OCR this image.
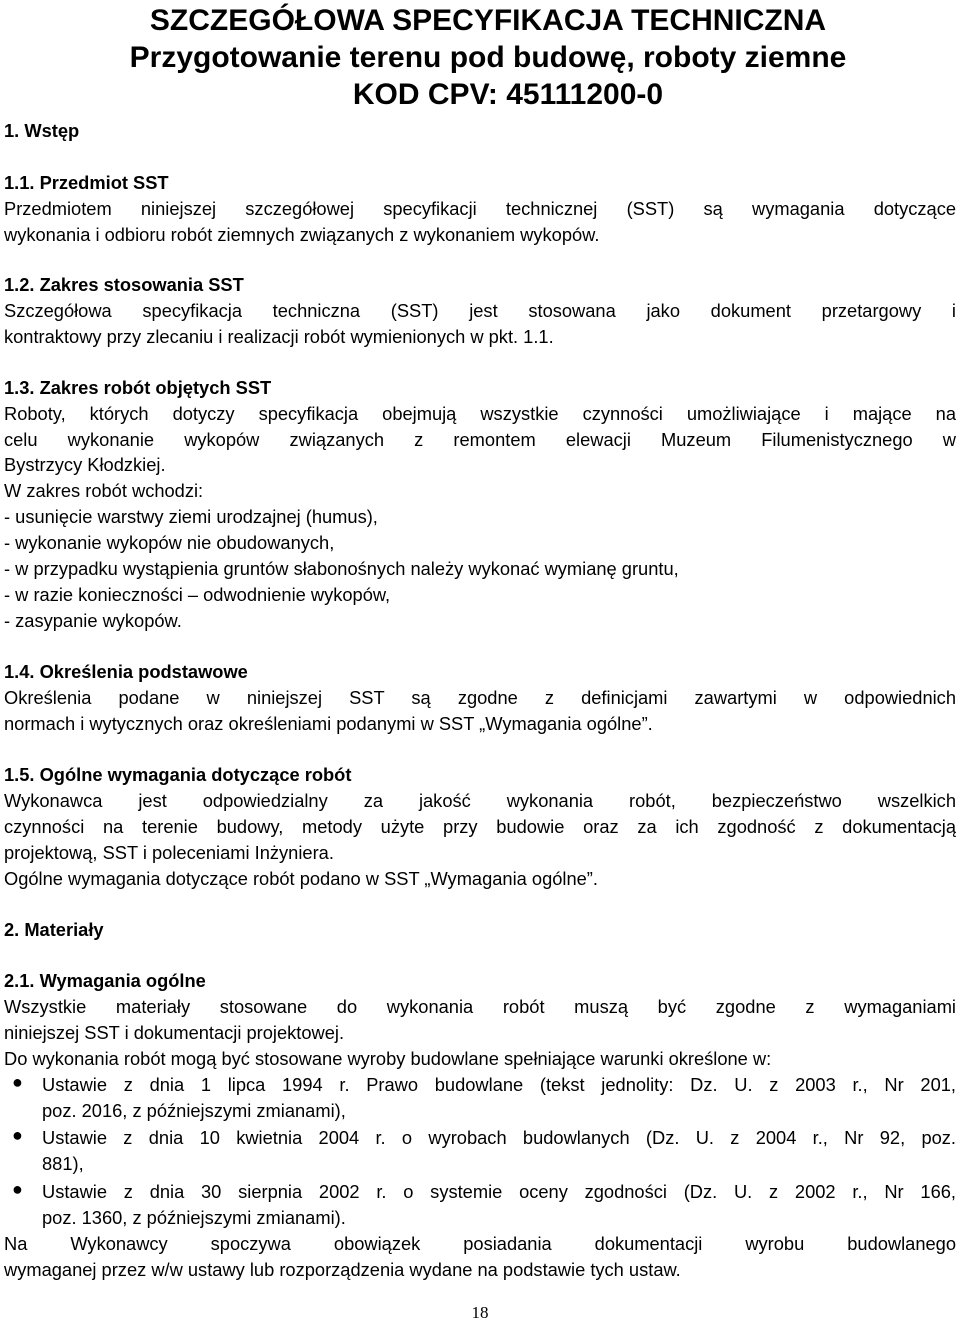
SZCZEGÓŁOWA SPECYFIKACJA TECHNICZNA
Przygotowanie terenu pod budowę, roboty ziemne
KOD CPV: 45111200-0
1. Wstęp
1.1. Przedmiot SST
Przedmiotem niniejszej szczegółowej specyfikacji technicznej (SST) są wymagania dotyczące
wykonania i odbioru robót ziemnych związanych z wykonaniem wykopów.
1.2. Zakres stosowania SST
Szczegółowa specyfikacja techniczna (SST) jest stosowana jako dokument przetargowy i
kontraktowy przy zlecaniu i realizacji robót wymienionych w pkt. 1.1.
1.3. Zakres robót objętych SST
Roboty, których dotyczy specyfikacja obejmują wszystkie czynności umożliwiające i mające na
celu wykonanie wykopów związanych z remontem elewacji Muzeum Filumenistycznego w
Bystrzycy Kłodzkiej.
W zakres robót wchodzi:
- usunięcie warstwy ziemi urodzajnej (humus),
- wykonanie wykopów nie obudowanych,
- w przypadku wystąpienia gruntów słabonośnych należy wykonać wymianę gruntu,
- w razie konieczności – odwodnienie wykopów,
- zasypanie wykopów.
1.4. Określenia podstawowe
Określenia podane w niniejszej SST są zgodne z definicjami zawartymi w odpowiednich
normach i wytycznych oraz określeniami podanymi w SST „Wymagania ogólne”.
1.5. Ogólne wymagania dotyczące robót
Wykonawca jest odpowiedzialny za jakość wykonania robót, bezpieczeństwo wszelkich
czynności na terenie budowy, metody użyte przy budowie oraz za ich zgodność z dokumentacją
projektową, SST i poleceniami Inżyniera.
Ogólne wymagania dotyczące robót podano w SST „Wymagania ogólne”.
2. Materiały
2.1. Wymagania ogólne
Wszystkie materiały stosowane do wykonania robót muszą być zgodne z wymaganiami
niniejszej SST i dokumentacji projektowej.
Do wykonania robót mogą być stosowane wyroby budowlane spełniające warunki określone w:
● Ustawie z dnia 1 lipca 1994 r. Prawo budowlane (tekst jednolity: Dz. U. z 2003 r., Nr 201,
poz. 2016, z późniejszymi zmianami),
● Ustawie z dnia 10 kwietnia 2004 r. o wyrobach budowlanych (Dz. U. z 2004 r., Nr 92, poz.
881),
● Ustawie z dnia 30 sierpnia 2002 r. o systemie oceny zgodności (Dz. U. z 2002 r., Nr 166,
poz. 1360, z późniejszymi zmianami).
Na Wykonawcy spoczywa obowiązek posiadania dokumentacji wyrobu budowlanego
wymaganej przez w/w ustawy lub rozporządzenia wydane na podstawie tych ustaw.
18
